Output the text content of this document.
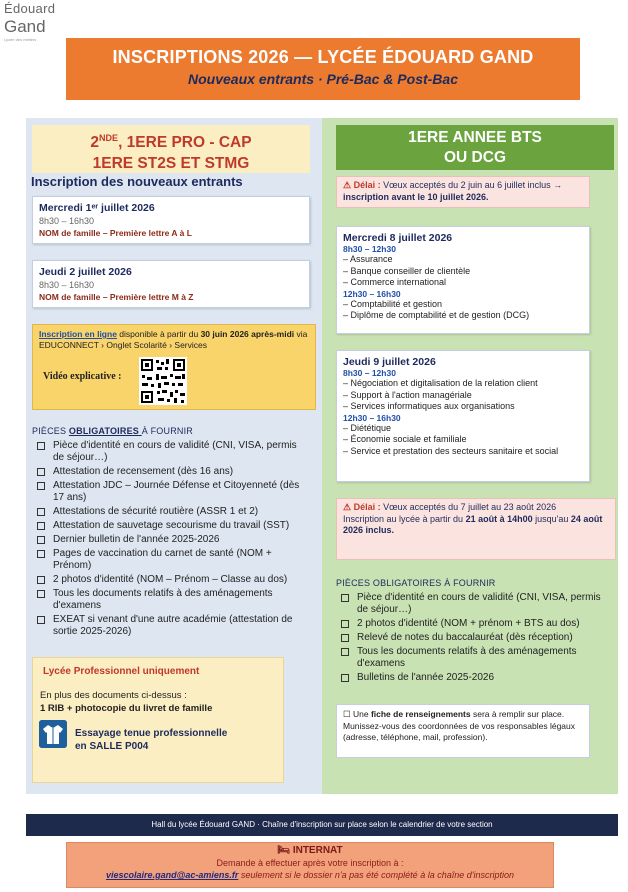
Édouard
Gand
Lycée des métiers
INSCRIPTIONS 2026 — LYCÉE ÉDOUARD GAND
Nouveaux entrants · Pré-Bac & Post-Bac
2NDE, 1ERE PRO - CAP
1ERE ST2S ET STMG
1ERE ANNEE BTS
OU DCG
Inscription des nouveaux entrants
Mercredi 1ᵉʳ juillet 2026
8h30 – 16h30
NOM de famille – Première lettre A à L
Jeudi 2 juillet 2026
8h30 – 16h30
NOM de famille – Première lettre M à Z
Inscription en ligne disponible à partir du 30 juin 2026 après-midi via EDUCONNECT › Onglet Scolarité › Services
Vidéo explicative :
PIÈCES OBLIGATOIRES À FOURNIR
Pièce d'identité en cours de validité (CNI, VISA, permis de séjour…)
Attestation de recensement (dès 16 ans)
Attestation JDC – Journée Défense et Citoyenneté (dès 17 ans)
Attestations de sécurité routière (ASSR 1 et 2)
Attestation de sauvetage secourisme du travail (SST)
Dernier bulletin de l'année 2025-2026
Pages de vaccination du carnet de santé (NOM + Prénom)
2 photos d'identité (NOM – Prénom – Classe au dos)
Tous les documents relatifs à des aménagements d'examens
EXEAT si venant d'une autre académie (attestation de sortie 2025-2026)
Lycée Professionnel uniquement
En plus des documents ci-dessus :
1 RIB + photocopie du livret de famille
Essayage tenue professionnelle
en SALLE P004
⚠ Délai : Vœux acceptés du 2 juin au 6 juillet inclus → inscription avant le 10 juillet 2026.
Mercredi 8 juillet 2026
8h30 – 12h30
– Assurance
– Banque conseiller de clientèle
– Commerce international
12h30 – 16h30
– Comptabilité et gestion
– Diplôme de comptabilité et de gestion (DCG)
Jeudi 9 juillet 2026
8h30 – 12h30
– Négociation et digitalisation de la relation client
– Support à l'action managériale
– Services informatiques aux organisations
12h30 – 16h30
– Diététique
– Économie sociale et familiale
– Service et prestation des secteurs sanitaire et social
⚠ Délai : Vœux acceptés du 7 juillet au 23 août 2026
Inscription au lycée à partir du 21 août à 14h00 jusqu'au 24 août 2026 inclus.
PIÈCES OBLIGATOIRES À FOURNIR
Pièce d'identité en cours de validité (CNI, VISA, permis de séjour…)
2 photos d'identité (NOM + prénom + BTS au dos)
Relevé de notes du baccalauréat (dès réception)
Tous les documents relatifs à des aménagements d'examens
Bulletins de l'année 2025-2026
☐ Une fiche de renseignements sera à remplir sur place. Munissez-vous des coordonnées de vos responsables légaux (adresse, téléphone, mail, profession).
Hall du lycée Édouard GAND · Chaîne d'inscription sur place selon le calendrier de votre section
🛏 INTERNAT
Demande à effectuer après votre inscription à :
viescolaire.gand@ac-amiens.fr seulement si le dossier n'a pas été complété à la chaîne d'inscription
